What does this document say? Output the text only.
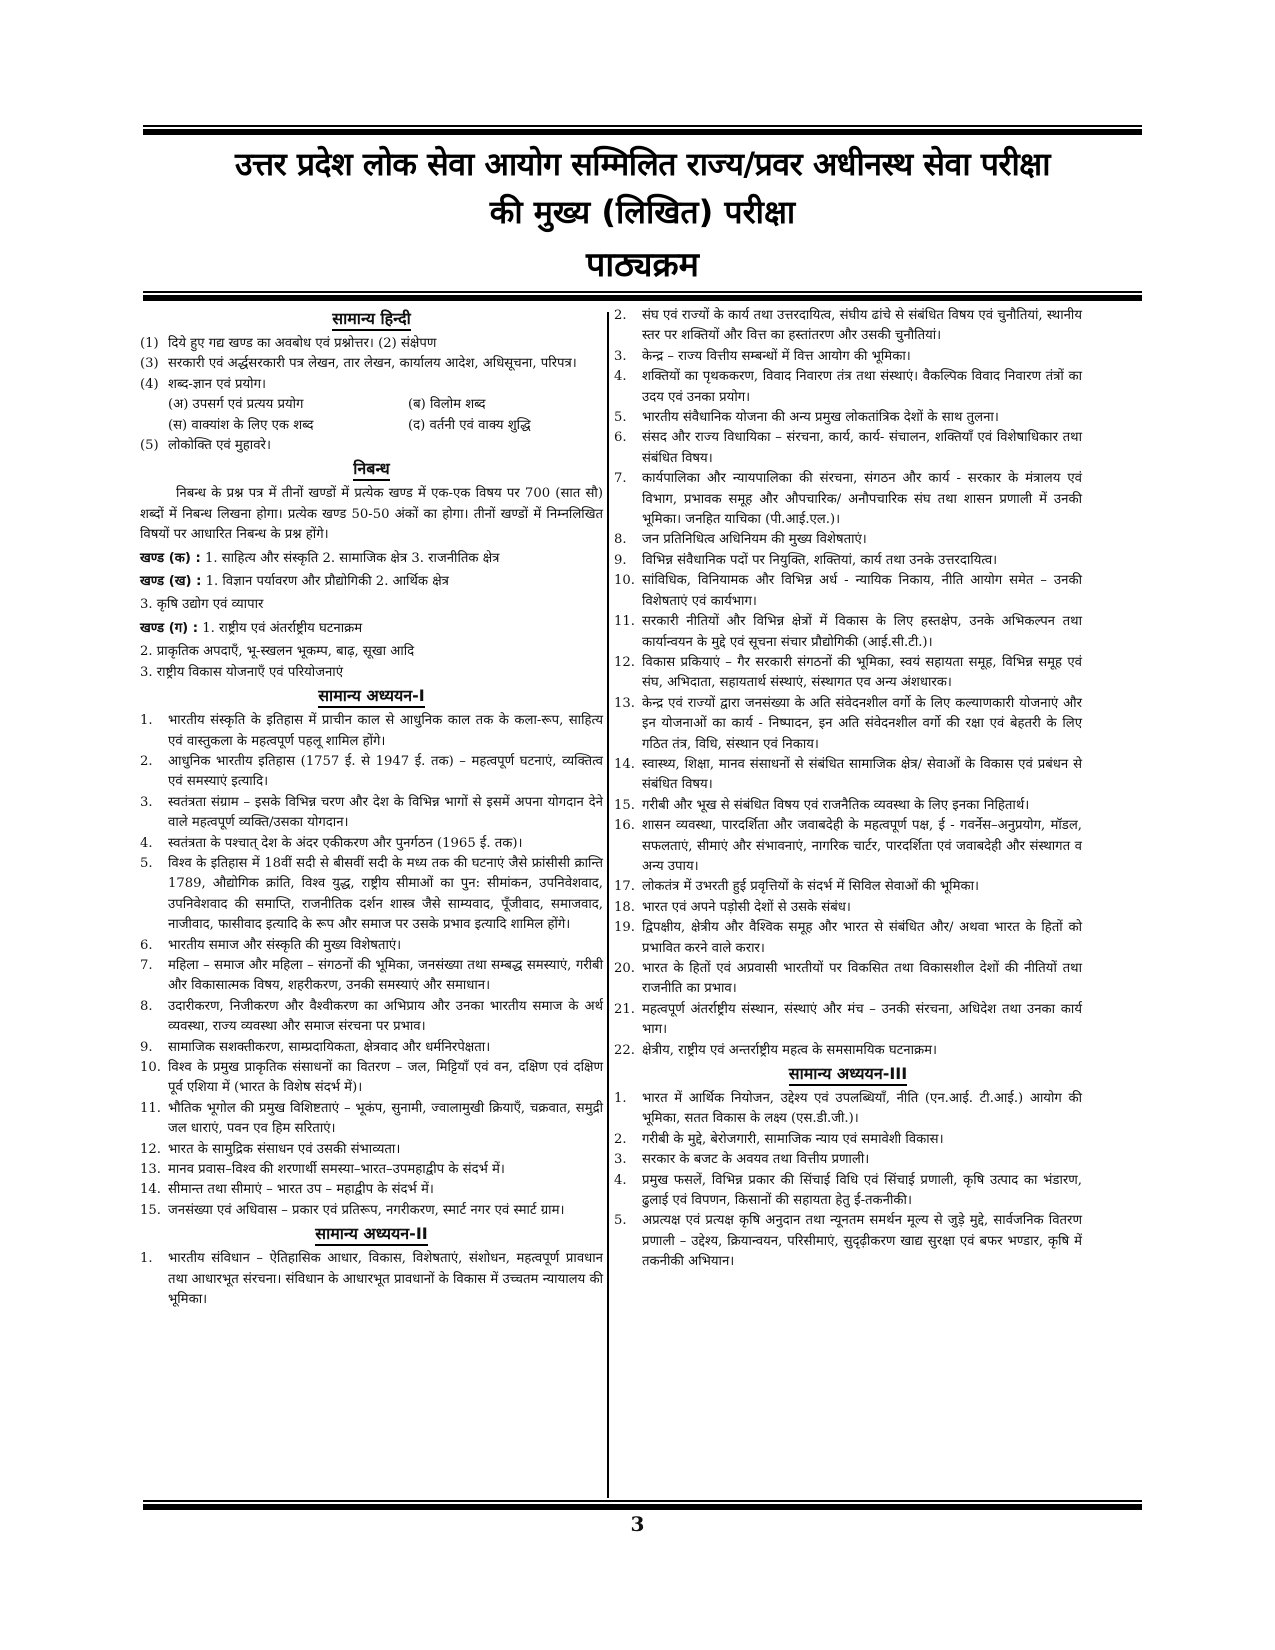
उत्तर प्रदेश लोक सेवा आयोग सम्मिलित राज्य/प्रवर अधीनस्थ सेवा परीक्षा
की मुख्य (लिखित) परीक्षा
पाठ्यक्रम
सामान्य हिन्दी
(1) दिये हुए गद्य खण्ड का अवबोध एवं प्रश्नोत्तर। (2) संक्षेपण
(3) सरकारी एवं अर्द्धसरकारी पत्र लेखन, तार लेखन, कार्यालय आदेश, अधिसूचना, परिपत्र।
(4) शब्द-ज्ञान एवं प्रयोग।
(अ) उपसर्ग एवं प्रत्यय प्रयोग	(ब) विलोम शब्द
(स) वाक्यांश के लिए एक शब्द	(द) वर्तनी एवं वाक्य शुद्धि
(5) लोकोक्ति एवं मुहावरे।
निबन्ध
निबन्ध के प्रश्न पत्र में तीनों खण्डों में प्रत्येक खण्ड में एक-एक विषय पर 700 (सात सौ) शब्दों में निबन्ध लिखना होगा। प्रत्येक खण्ड 50-50 अंकों का होगा। तीनों खण्डों में निम्नलिखित विषयों पर आधारित निबन्ध के प्रश्न होंगे।
खण्ड (क) : 1. साहित्य और संस्कृति 2. सामाजिक क्षेत्र 3. राजनीतिक क्षेत्र
खण्ड (ख) : 1. विज्ञान पर्यावरण और प्रौद्योगिकी 2. आर्थिक क्षेत्र
3. कृषि उद्योग एवं व्यापार
खण्ड (ग) : 1. राष्ट्रीय एवं अंतर्राष्ट्रीय घटनाक्रम
2. प्राकृतिक अपदाएँ, भू-स्खलन भूकम्प, बाढ़, सूखा आदि
3. राष्ट्रीय विकास योजनाएँ एवं परियोजनाएं
सामान्य अध्ययन-I
1.	भारतीय संस्कृति के इतिहास में प्राचीन काल से आधुनिक काल तक के कला-रूप, साहित्य एवं वास्तुकला के महत्वपूर्ण पहलू शामिल होंगे।
2.	आधुनिक भारतीय इतिहास (1757 ई. से 1947 ई. तक) – महत्वपूर्ण घटनाएं, व्यक्तित्व एवं समस्याएं इत्यादि।
3.	स्वतंत्रता संग्राम – इसके विभिन्न चरण और देश के विभिन्न भागों से इसमें अपना योगदान देने वाले महत्वपूर्ण व्यक्ति/उसका योगदान।
4.	स्वतंत्रता के पश्चात् देश के अंदर एकीकरण और पुनर्गठन (1965 ई. तक)।
5.	विश्व के इतिहास में 18वीं सदी से बीसवीं सदी के मध्य तक की घटनाएं जैसे फ्रांसीसी क्रान्ति 1789, औद्योगिक क्रांति, विश्व युद्ध, राष्ट्रीय सीमाओं का पुन: सीमांकन, उपनिवेशवाद, उपनिवेशवाद की समाप्ति, राजनीतिक दर्शन शास्त्र जैसे साम्यवाद, पूँजीवाद, समाजवाद, नाजीवाद, फासीवाद इत्यादि के रूप और समाज पर उसके प्रभाव इत्यादि शामिल होंगे।
6.	भारतीय समाज और संस्कृति की मुख्य विशेषताएं।
7.	महिला – समाज और महिला – संगठनों की भूमिका, जनसंख्या तथा सम्बद्ध समस्याएं, गरीबी और विकासात्मक विषय, शहरीकरण, उनकी समस्याएं और समाधान।
8.	उदारीकरण, निजीकरण और वैश्वीकरण का अभिप्राय और उनका भारतीय समाज के अर्थ व्यवस्था, राज्य व्यवस्था और समाज संरचना पर प्रभाव।
9.	सामाजिक सशक्तीकरण, साम्प्रदायिकता, क्षेत्रवाद और धर्मनिरपेक्षता।
10. विश्व के प्रमुख प्राकृतिक संसाधनों का वितरण – जल, मिट्टियाँ एवं वन, दक्षिण एवं दक्षिण पूर्व एशिया में (भारत के विशेष संदर्भ में)।
11. भौतिक भूगोल की प्रमुख विशिष्टताएं – भूकंप, सुनामी, ज्वालामुखी क्रियाएँ, चक्रवात, समुद्री जल धाराएं, पवन एव हिम सरिताएं।
12. भारत के सामुद्रिक संसाधन एवं उसकी संभाव्यता।
13. मानव प्रवास–विश्व की शरणार्थी समस्या–भारत–उपमहाद्वीप के संदर्भ में।
14. सीमान्त तथा सीमाएं – भारत उप – महाद्वीप के संदर्भ में।
15. जनसंख्या एवं अधिवास – प्रकार एवं प्रतिरूप, नगरीकरण, स्मार्ट नगर एवं स्मार्ट ग्राम।
सामान्य अध्ययन-II
1.	भारतीय संविधान – ऐतिहासिक आधार, विकास, विशेषताएं, संशोधन, महत्वपूर्ण प्रावधान तथा आधारभूत संरचना। संविधान के आधारभूत प्रावधानों के विकास में उच्चतम न्यायालय की भूमिका।
2.	संघ एवं राज्यों के कार्य तथा उत्तरदायित्व, संघीय ढांचे से संबंधित विषय एवं चुनौतियां, स्थानीय स्तर पर शक्तियों और वित्त का हस्तांतरण और उसकी चुनौतियां।
3.	केन्द्र – राज्य वित्तीय सम्बन्धों में वित्त आयोग की भूमिका।
4.	शक्तियों का पृथककरण, विवाद निवारण तंत्र तथा संस्थाएं। वैकल्पिक विवाद निवारण तंत्रों का उदय एवं उनका प्रयोग।
5.	भारतीय संवैधानिक योजना की अन्य प्रमुख लोकतांत्रिक देशों के साथ तुलना।
6.	संसद और राज्य विधायिका – संरचना, कार्य, कार्य- संचालन, शक्तियाँ एवं विशेषाधिकार तथा संबंधित विषय।
7.	कार्यपालिका और न्यायपालिका की संरचना, संगठन और कार्य - सरकार के मंत्रालय एवं विभाग, प्रभावक समूह और औपचारिक/ अनौपचारिक संघ तथा शासन प्रणाली में उनकी भूमिका। जनहित याचिका (पी.आई.एल.)।
8.	जन प्रतिनिधित्व अधिनियम की मुख्य विशेषताएं।
9.	विभिन्न संवैधानिक पदों पर नियुक्ति, शक्तियां, कार्य तथा उनके उत्तरदायित्व।
10. सांविधिक, विनियामक और विभिन्न अर्ध - न्यायिक निकाय, नीति आयोग समेत – उनकी विशेषताएं एवं कार्यभाग।
11. सरकारी नीतियों और विभिन्न क्षेत्रों में विकास के लिए हस्तक्षेप, उनके अभिकल्पन तथा कार्यान्वयन के मुद्दे एवं सूचना संचार प्रौद्योगिकी (आई.सी.टी.)।
12. विकास प्रकियाएं – गैर सरकारी संगठनों की भूमिका, स्वयं सहायता समूह, विभिन्न समूह एवं संघ, अभिदाता, सहायतार्थ संस्थाएं, संस्थागत एव अन्य अंशधारक।
13. केन्द्र एवं राज्यों द्वारा जनसंख्या के अति संवेदनशील वर्गो के लिए कल्याणकारी योजनाएं और इन योजनाओं का कार्य - निष्पादन, इन अति संवेदनशील वर्गो की रक्षा एवं बेहतरी के लिए गठित तंत्र, विधि, संस्थान एवं निकाय।
14. स्वास्थ्य, शिक्षा, मानव संसाधनों से संबंधित सामाजिक क्षेत्र/ सेवाओं के विकास एवं प्रबंधन से संबंधित विषय।
15. गरीबी और भूख से संबंधित विषय एवं राजनैतिक व्यवस्था के लिए इनका निहितार्थ।
16. शासन व्यवस्था, पारदर्शिता और जवाबदेही के महत्वपूर्ण पक्ष, ई - गवर्नेस–अनुप्रयोग, मॉडल, सफलताएं, सीमाएं और संभावनाएं, नागरिक चार्टर, पारदर्शिता एवं जवाबदेही और संस्थागत व अन्य उपाय।
17. लोकतंत्र में उभरती हुई प्रवृत्तियों के संदर्भ में सिविल सेवाओं की भूमिका।
18. भारत एवं अपने पड़ोसी देशों से उसके संबंध।
19. द्विपक्षीय, क्षेत्रीय और वैश्विक समूह और भारत से संबंधित और/ अथवा भारत के हितों को प्रभावित करने वाले करार।
20. भारत के हितों एवं अप्रवासी भारतीयों पर विकसित तथा विकासशील देशों की नीतियों तथा राजनीति का प्रभाव।
21. महत्वपूर्ण अंतर्राष्ट्रीय संस्थान, संस्थाएं और मंच – उनकी संरचना, अधिदेश तथा उनका कार्य भाग।
22. क्षेत्रीय, राष्ट्रीय एवं अन्तर्राष्ट्रीय महत्व के समसामयिक घटनाक्रम।
सामान्य अध्ययन-III
1.	भारत में आर्थिक नियोजन, उद्देश्य एवं उपलब्धियाँ, नीति (एन.आई. टी.आई.) आयोग की भूमिका, सतत विकास के लक्ष्य (एस.डी.जी.)।
2.	गरीबी के मुद्दे, बेरोजगारी, सामाजिक न्याय एवं समावेशी विकास।
3.	सरकार के बजट के अवयव तथा वित्तीय प्रणाली।
4.	प्रमुख फसलें, विभिन्न प्रकार की सिंचाई विधि एवं सिंचाई प्रणाली, कृषि उत्पाद का भंडारण, ढुलाई एवं विपणन, किसानों की सहायता हेतु ई-तकनीकी।
5.	अप्रत्यक्ष एवं प्रत्यक्ष कृषि अनुदान तथा न्यूनतम समर्थन मूल्य से जुड़े मुद्दे, सार्वजनिक वितरण प्रणाली – उद्देश्य, क्रियान्वयन, परिसीमाएं, सुदृढ़ीकरण खाद्य सुरक्षा एवं बफर भण्डार, कृषि में तकनीकी अभियान।
3
